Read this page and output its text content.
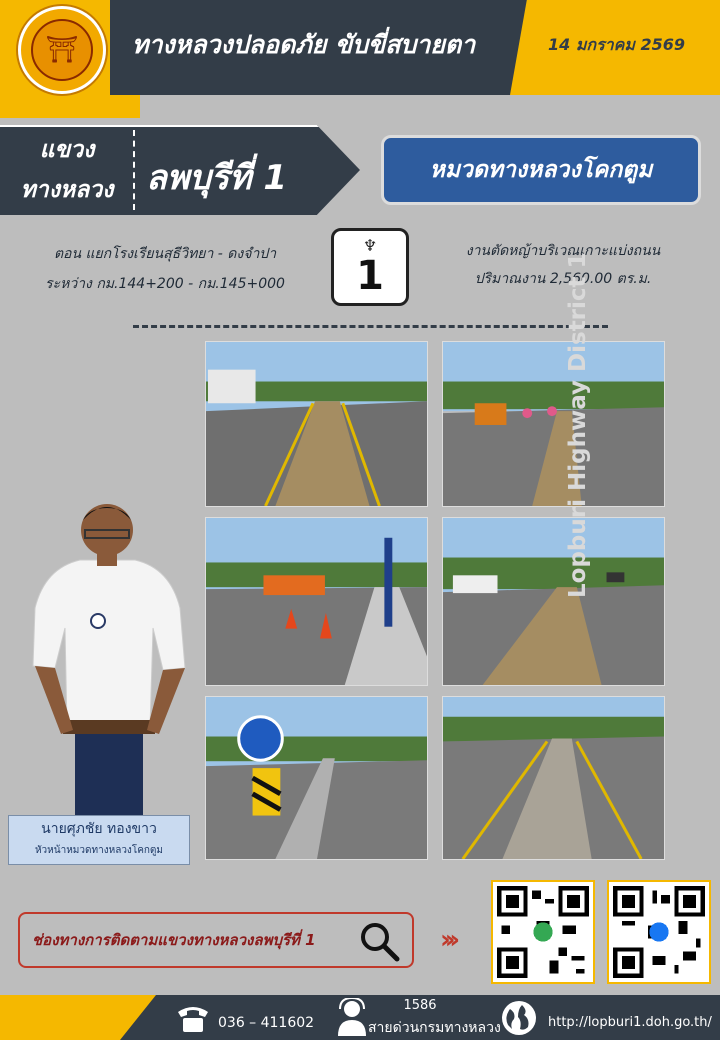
⛩	ทางหลวงปลอดภัย ขับขี่สบายตา	14 มกราคม 2569
แขวง
ทางหลวง ลพบุรีที่ 1	หมวดทางหลวงโคกตูม
ตอน แยกโรงเรียนสุธีวิทยา - ดงจำปา
ระหว่าง กม.144+200 - กม.145+000
♆
1
งานตัดหญ้าบริเวณเกาะแบ่งถนน
ปริมาณงาน 2,560.00 ตร.ม.
นายศุภชัย ทองขาว
หัวหน้าหมวดทางหลวงโคกตูม
Lopburi Highway District 1
ช่องทางการติดตามแขวงทางหลวงลพบุรีที่ 1	›››
036 – 411602
1586
สายด่วนกรมทางหลวง	http://lopburi1.doh.go.th/
